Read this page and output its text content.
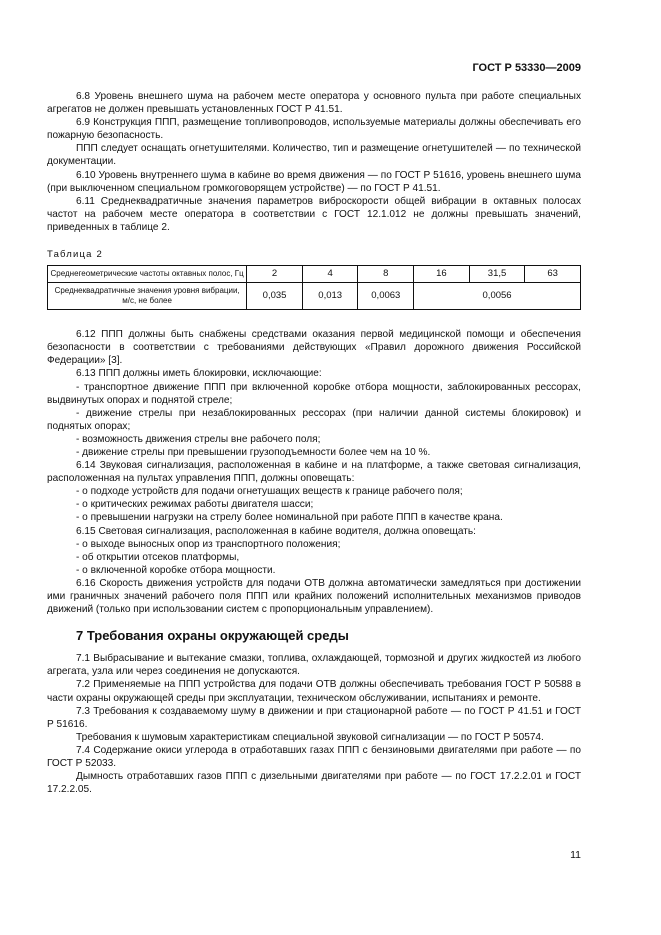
ГОСТ Р 53330—2009

6.8 Уровень внешнего шума на рабочем месте оператора у основного пульта при работе специальных агрегатов не должен превышать установленных ГОСТ Р 41.51.

6.9 Конструкция ППП, размещение топливопроводов, используемые материалы должны обеспечивать его пожарную безопасность.

ППП следует оснащать огнетушителями. Количество, тип и размещение огнетушителей — по технической документации.

6.10 Уровень внутреннего шума в кабине во время движения — по ГОСТ Р 51616, уровень внешнего шума (при выключенном специальном громкоговорящем устройстве) — по ГОСТ Р 41.51.

6.11 Среднеквадратичные значения параметров виброскорости общей вибрации в октавных полосах частот на рабочем месте оператора в соответствии с ГОСТ 12.1.012 не должны превышать значений, приведенных в таблице 2.

Таблица 2
Среднегеометрические частоты октавных полос, Гц	2	4	8	16	31,5	63
Среднеквадратичные значения уровня вибрации, м/с, не более	0,035	0,013	0,0063	0,0056		

6.12 ППП должны быть снабжены средствами оказания первой медицинской помощи и обеспечения безопасности в соответствии с требованиями действующих «Правил дорожного движения Российской Федерации» [3].

6.13 ППП должны иметь блокировки, исключающие:

- транспортное движение ППП при включенной коробке отбора мощности, заблокированных рессорах, выдвинутых опорах и поднятой стреле;

- движение стрелы при незаблокированных рессорах (при наличии данной системы блокировок) и поднятых опорах;

- возможность движения стрелы вне рабочего поля;

- движение стрелы при превышении грузоподъемности более чем на 10 %.

6.14 Звуковая сигнализация, расположенная в кабине и на платформе, а также световая сигнализация, расположенная на пультах управления ППП, должны оповещать:

- о подходе устройств для подачи огнетушащих веществ к границе рабочего поля;

- о критических режимах работы двигателя шасси;

- о превышении нагрузки на стрелу более номинальной при работе ППП в качестве крана.

6.15 Световая сигнализация, расположенная в кабине водителя, должна оповещать:

- о выходе выносных опор из транспортного положения;

- об открытии отсеков платформы,

- о включенной коробке отбора мощности.

6.16 Скорость движения устройств для подачи ОТВ должна автоматически замедляться при достижении ими граничных значений рабочего поля ППП или крайних положений исполнительных механизмов приводов движений (только при использовании систем с пропорциональным управлением).

7 Требования охраны окружающей среды

7.1 Выбрасывание и вытекание смазки, топлива, охлаждающей, тормозной и других жидкостей из любого агрегата, узла или через соединения не допускаются.

7.2 Применяемые на ППП устройства для подачи ОТВ должны обеспечивать требования ГОСТ Р 50588 в части охраны окружающей среды при эксплуатации, техническом обслуживании, испытаниях и ремонте.

7.3 Требования к создаваемому шуму в движении и при стационарной работе — по ГОСТ Р 41.51 и ГОСТ Р 51616.

Требования к шумовым характеристикам специальной звуковой сигнализации — по ГОСТ Р 50574.

7.4 Содержание окиси углерода в отработавших газах ППП с бензиновыми двигателями при работе — по ГОСТ Р 52033.

Дымность отработавших газов ППП с дизельными двигателями при работе — по ГОСТ 17.2.2.01 и ГОСТ 17.2.2.05.

11
